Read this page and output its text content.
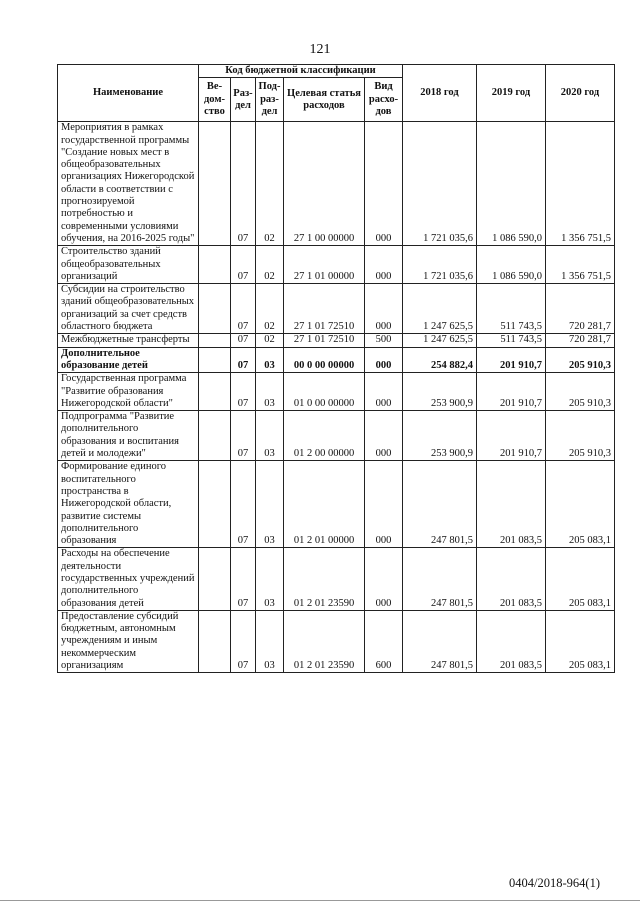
121
Наименование	Код бюджетной классификации					2018 год	2019 год	2020 год
	Ве-дом-ство	Раз-дел	Под-раз-дел	Целевая статья расходов	Вид расхо-дов			
Мероприятия в рамках государственной программы "Создание новых мест в общеобразовательных организациях Нижегородской области в соответствии с прогнозируемой потребностью и современными условиями обучения, на 2016-2025 годы"		07	02	27 1 00 00000	000	1 721 035,6	1 086 590,0	1 356 751,5
Строительство зданий общеобразовательных организаций		07	02	27 1 01 00000	000	1 721 035,6	1 086 590,0	1 356 751,5
Субсидии на строительство зданий общеобразовательных организаций за счет средств областного бюджета		07	02	27 1 01 72510	000	1 247 625,5	511 743,5	720 281,7
Межбюджетные трансферты		07	02	27 1 01 72510	500	1 247 625,5	511 743,5	720 281,7
Дополнительное образование детей		07	03	00 0 00 00000	000	254 882,4	201 910,7	205 910,3
Государственная программа "Развитие образования Нижегородской области"		07	03	01 0 00 00000	000	253 900,9	201 910,7	205 910,3
Подпрограмма "Развитие дополнительного образования и воспитания детей и молодежи"		07	03	01 2 00 00000	000	253 900,9	201 910,7	205 910,3
Формирование единого воспитательного пространства в Нижегородской области, развитие системы дополнительного образования		07	03	01 2 01 00000	000	247 801,5	201 083,5	205 083,1
Расходы на обеспечение деятельности государственных учреждений дополнительного образования детей		07	03	01 2 01 23590	000	247 801,5	201 083,5	205 083,1
Предоставление субсидий бюджетным, автономным учреждениям и иным некоммерческим организациям		07	03	01 2 01 23590	600	247 801,5	201 083,5	205 083,1
0404/2018-964(1)
